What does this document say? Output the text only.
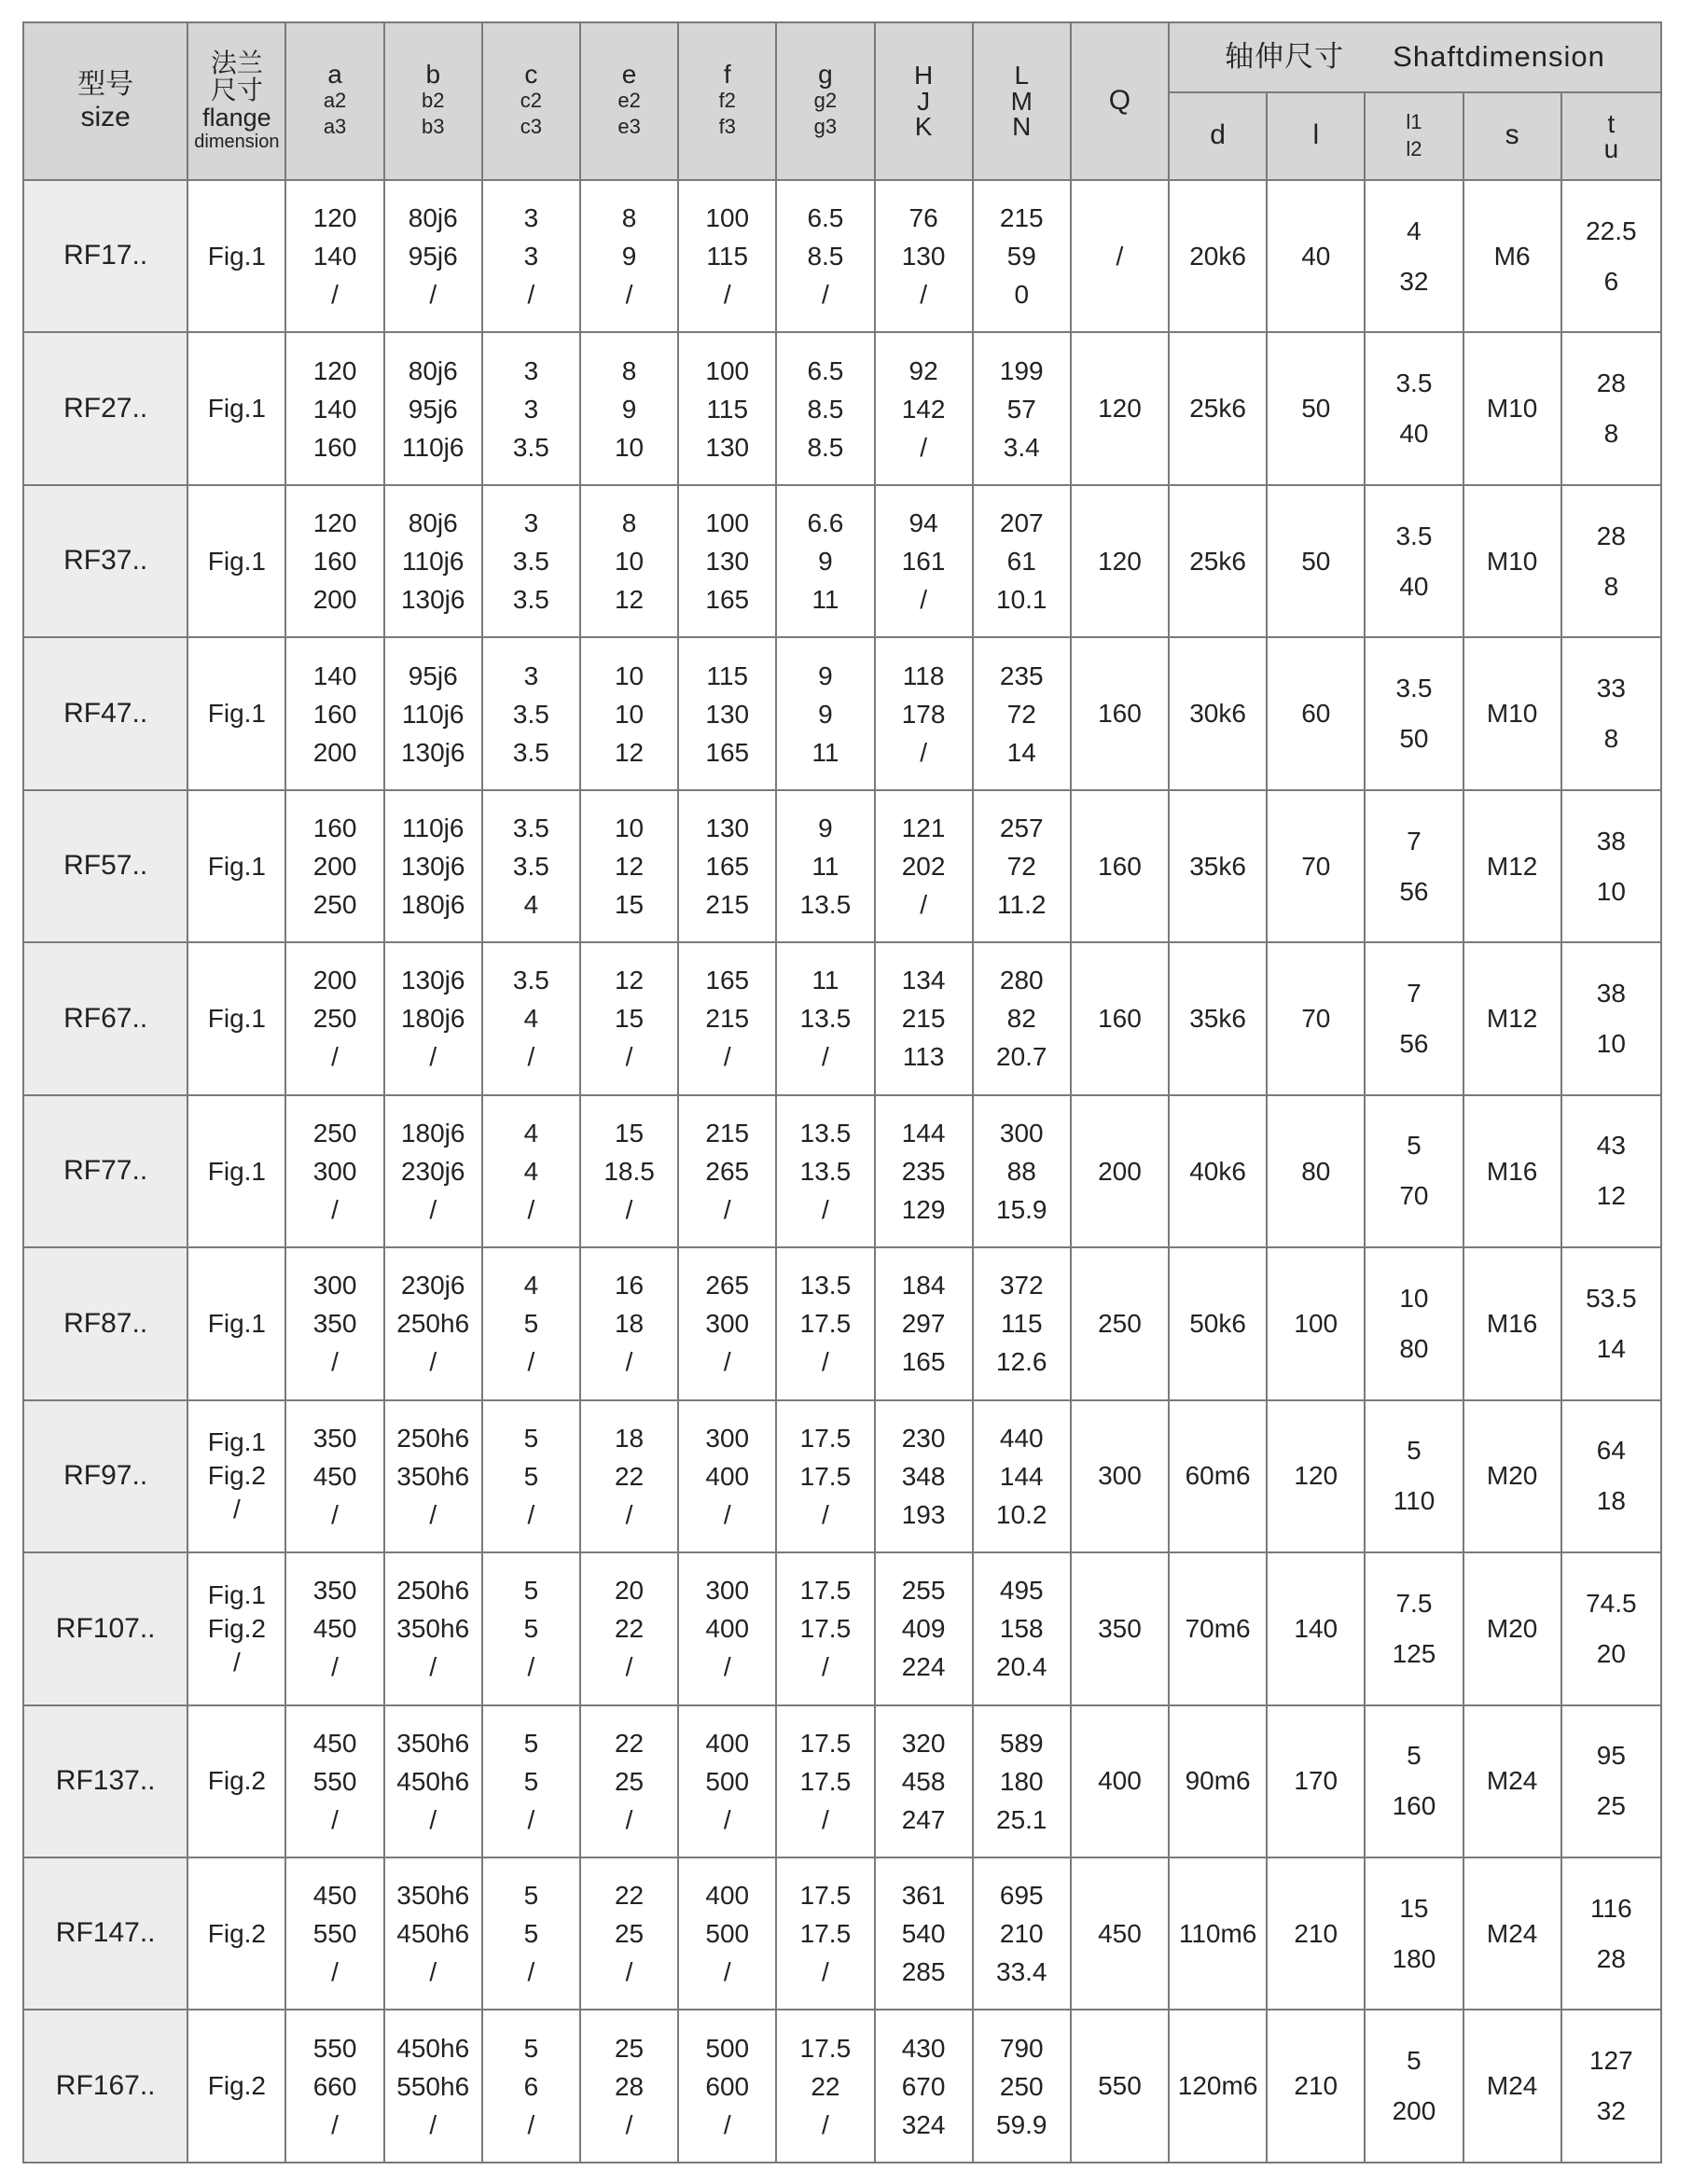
型号
size	法兰
尺寸
flange
dimension	a
a2
a3	b
b2
b3	c
c2
c3	e
e2
e3	f
f2
f3	g
g2
g3	H
J
K	L
M
N	Q	轴伸尺寸 Shaftdimension				
											d	l	l1
l2	s	t
u

RF17..	Fig.1	120
140
/	80j6
95j6
/	3
3
/	8
9
/	100
115
/	6.5
8.5
/	76
130
/	215
59
0	/	20k6	40	4
32	M6	22.5
6

RF27..	Fig.1	120
140
160	80j6
95j6
110j6	3
3
3.5	8
9
10	100
115
130	6.5
8.5
8.5	92
142
/	199
57
3.4	120	25k6	50	3.5
40	M10	28
8

RF37..	Fig.1	120
160
200	80j6
110j6
130j6	3
3.5
3.5	8
10
12	100
130
165	6.6
9
11	94
161
/	207
61
10.1	120	25k6	50	3.5
40	M10	28
8

RF47..	Fig.1	140
160
200	95j6
110j6
130j6	3
3.5
3.5	10
10
12	115
130
165	9
9
11	118
178
/	235
72
14	160	30k6	60	3.5
50	M10	33
8

RF57..	Fig.1	160
200
250	110j6
130j6
180j6	3.5
3.5
4	10
12
15	130
165
215	9
11
13.5	121
202
/	257
72
11.2	160	35k6	70	7
56	M12	38
10

RF67..	Fig.1	200
250
/	130j6
180j6
/	3.5
4
/	12
15
/	165
215
/	11
13.5
/	134
215
113	280
82
20.7	160	35k6	70	7
56	M12	38
10

RF77..	Fig.1	250
300
/	180j6
230j6
/	4
4
/	15
18.5
/	215
265
/	13.5
13.5
/	144
235
129	300
88
15.9	200	40k6	80	5
70	M16	43
12

RF87..	Fig.1	300
350
/	230j6
250h6
/	4
5
/	16
18
/	265
300
/	13.5
17.5
/	184
297
165	372
115
12.6	250	50k6	100	10
80	M16	53.5
14

RF97..	Fig.1
Fig.2
/	350
450
/	250h6
350h6
/	5
5
/	18
22
/	300
400
/	17.5
17.5
/	230
348
193	440
144
10.2	300	60m6	120	5
110	M20	64
18

RF107..	Fig.1
Fig.2
/	350
450
/	250h6
350h6
/	5
5
/	20
22
/	300
400
/	17.5
17.5
/	255
409
224	495
158
20.4	350	70m6	140	7.5
125	M20	74.5
20

RF137..	Fig.2	450
550
/	350h6
450h6
/	5
5
/	22
25
/	400
500
/	17.5
17.5
/	320
458
247	589
180
25.1	400	90m6	170	5
160	M24	95
25

RF147..	Fig.2	450
550
/	350h6
450h6
/	5
5
/	22
25
/	400
500
/	17.5
17.5
/	361
540
285	695
210
33.4	450	110m6	210	15
180	M24	116
28

RF167..	Fig.2	550
660
/	450h6
550h6
/	5
6
/	25
28
/	500
600
/	17.5
22
/	430
670
324	790
250
59.9	550	120m6	210	5
200	M24	127
32
